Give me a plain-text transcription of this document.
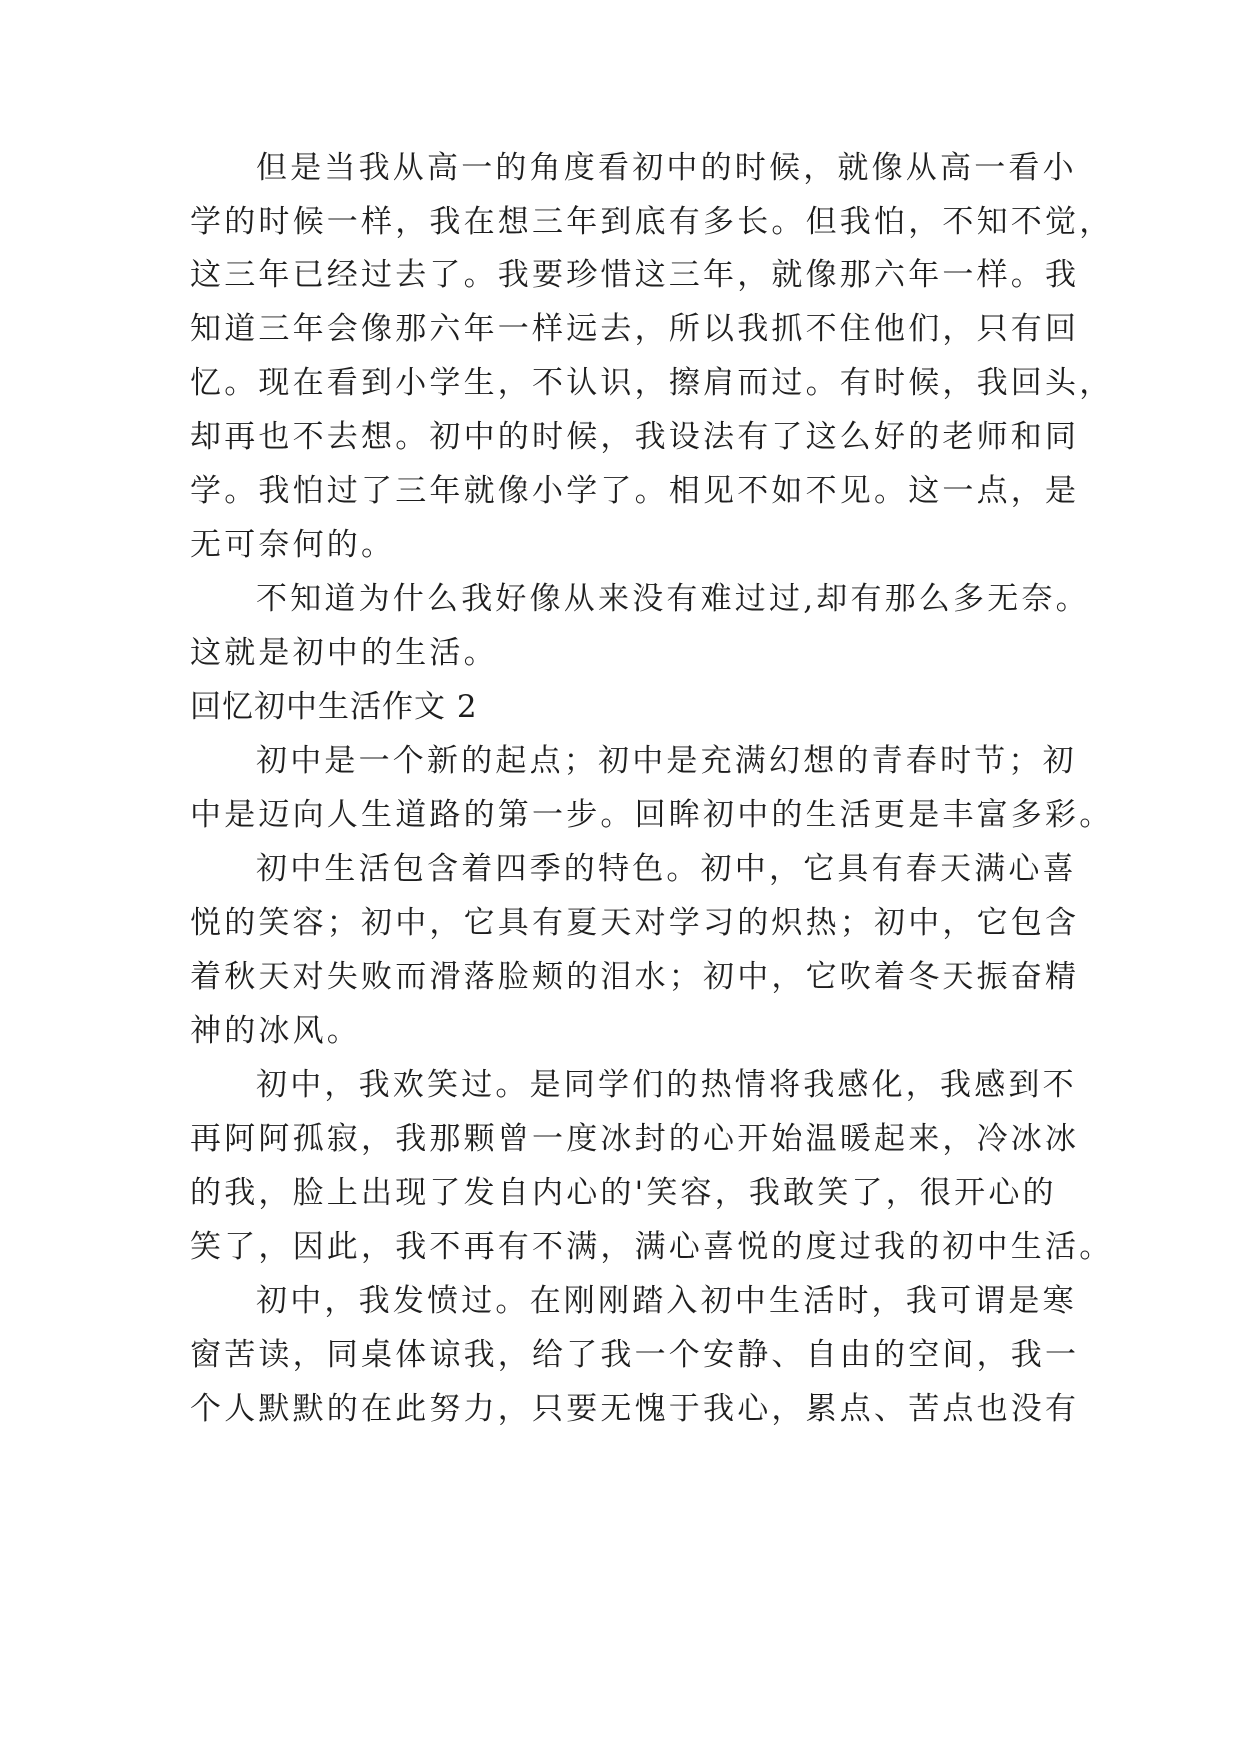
但是当我从高一的角度看初中的时候，就像从高一看小
学的时候一样，我在想三年到底有多长。但我怕，不知不觉，
这三年已经过去了。我要珍惜这三年，就像那六年一样。我
知道三年会像那六年一样远去，所以我抓不住他们，只有回
忆。现在看到小学生，不认识，擦肩而过。有时候，我回头，
却再也不去想。初中的时候，我设法有了这么好的老师和同
学。我怕过了三年就像小学了。相见不如不见。这一点，是
无可奈何的。
不知道为什么我好像从来没有难过过,却有那么多无奈。
这就是初中的生活。
回忆初中生活作文 2
初中是一个新的起点；初中是充满幻想的青春时节；初
中是迈向人生道路的第一步。回眸初中的生活更是丰富多彩。
初中生活包含着四季的特色。初中，它具有春天满心喜
悦的笑容；初中，它具有夏天对学习的炽热；初中，它包含
着秋天对失败而滑落脸颊的泪水；初中，它吹着冬天振奋精
神的冰风。
初中，我欢笑过。是同学们的热情将我感化，我感到不
再阿阿孤寂，我那颗曾一度冰封的心开始温暖起来，冷冰冰
的我，脸上出现了发自内心的'笑容，我敢笑了，很开心的
笑了，因此，我不再有不满，满心喜悦的度过我的初中生活。
初中，我发愤过。在刚刚踏入初中生活时，我可谓是寒
窗苦读，同桌体谅我，给了我一个安静、自由的空间，我一
个人默默的在此努力，只要无愧于我心，累点、苦点也没有
